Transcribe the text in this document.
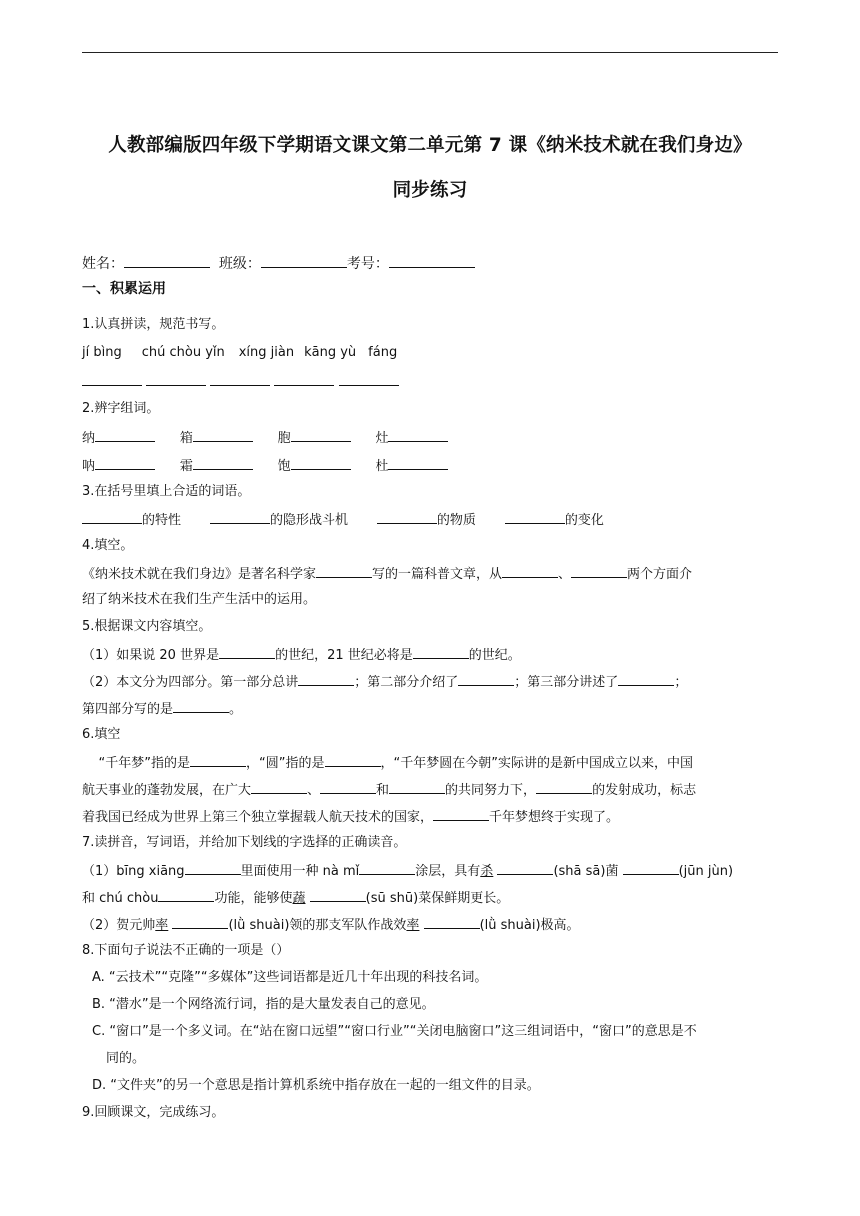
人教部编版四年级下学期语文课文第二单元第 7 课《纳米技术就在我们身边》
同步练习
姓名：	班级：	考号：
一、积累运用
1.认真拼读，规范书写。
jí bìng chú chòu yǐn xíng jiàn kāng yù fáng

2.辨字组词。
纳	箱	胞	灶
呐	霜	饱	杜
3.在括号里填上合适的词语。
的特性	的隐形战斗机	的物质	的变化
4.填空。
《纳米技术就在我们身边》是著名科学家	写的一篇科普文章，从	、	两个方面介
绍了纳米技术在我们生产生活中的运用。
5.根据课文内容填空。
（1）如果说 20 世界是	的世纪，21 世纪必将是	的世纪。
（2）本文分为四部分。第一部分总讲	；第二部分介绍了	；第三部分讲述了	；
第四部分写的是	。
6.填空
“千年梦”指的是	，“圆”指的是	，“千年梦圆在今朝”实际讲的是新中国成立以来，中国
航天事业的蓬勃发展，在广大	、	和	的共同努力下，	的发射成功，标志
着我国已经成为世界上第三个独立掌握载人航天技术的国家，	千年梦想终于实现了。
7.读拼音，写词语，并给加下划线的字选择的正确读音。
（1）bīng xiāng	里面使用一种 nà mǐ	涂层，具有杀	(shā sā)菌	(jūn jùn)
和 chú chòu	功能，能够使蔬	(sū shū)菜保鲜期更长。
（2）贺元帅率	(lǜ shuài)领的那支军队作战效率	(lǜ shuài)极高。
8.下面句子说法不正确的一项是（）
A. “云技术”“克隆”“多媒体”这些词语都是近几十年出现的科技名词。
B. “潜水”是一个网络流行词，指的是大量发表自己的意见。
C. “窗口”是一个多义词。在“站在窗口远望”“窗口行业”“关闭电脑窗口”这三组词语中，“窗口”的意思是不
同的。
D. “文件夹”的另一个意思是指计算机系统中指存放在一起的一组文件的目录。
9.回顾课文，完成练习。
